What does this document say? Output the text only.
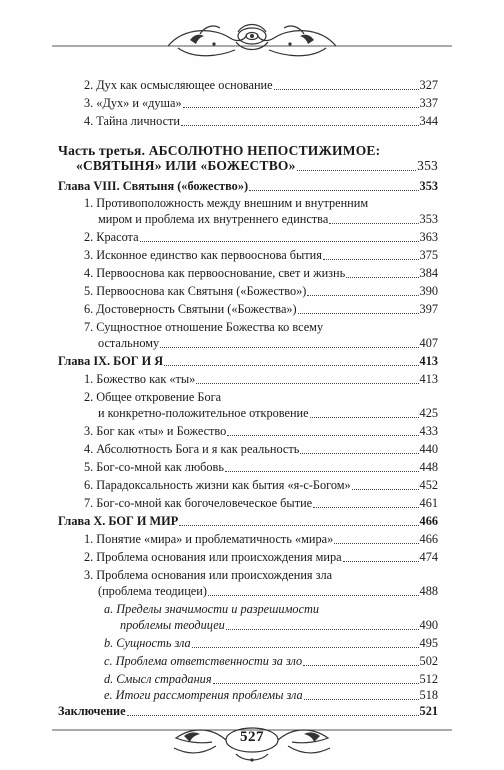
2. Дух как осмысляющее основание	327
3. «Дух» и «душа»	337
4. Тайна личности	344
Часть третья. АБСОЛЮТНО НЕПОСТИЖИМОЕ:
«СВЯТЫНЯ» ИЛИ «БОЖЕСТВО»	353
Глава VIII. Святыня («божество»)	353
1. Противоположность между внешним и внутренним
миром и проблема их внутреннего единства	353
2. Красота	363
3. Исконное единство как первооснова бытия	375
4. Первооснова как первооснование, свет и жизнь	384
5. Первооснова как Святыня («Божество»)	390
6. Достоверность Святыни («Божества»)	397
7. Сущностное отношение Божества ко всему
остальному	407
Глава IX. БОГ И Я	413
1. Божество как «ты»	413
2. Общее откровение Бога
и конкретно-положительное откровение	425
3. Бог как «ты» и Божество	433
4. Абсолютность Бога и я как реальность	440
5. Бог-со-мной как любовь	448
6. Парадоксальность жизни как бытия «я-с-Богом»	452
7. Бог-со-мной как богочеловеческое бытие	461
Глава X. БОГ И МИР	466
1. Понятие «мира» и проблематичность «мира»	466
2. Проблема основания или происхождения мира	474
3. Проблема основания или происхождения зла
(проблема теодицеи)	488
a. Пределы значимости и разрешимости
проблемы теодицеи	490
b. Сущность зла	495
c. Проблема ответственности за зло	502
d. Смысл страдания	512
e. Итоги рассмотрения проблемы зла	518
527
Заключение	521
